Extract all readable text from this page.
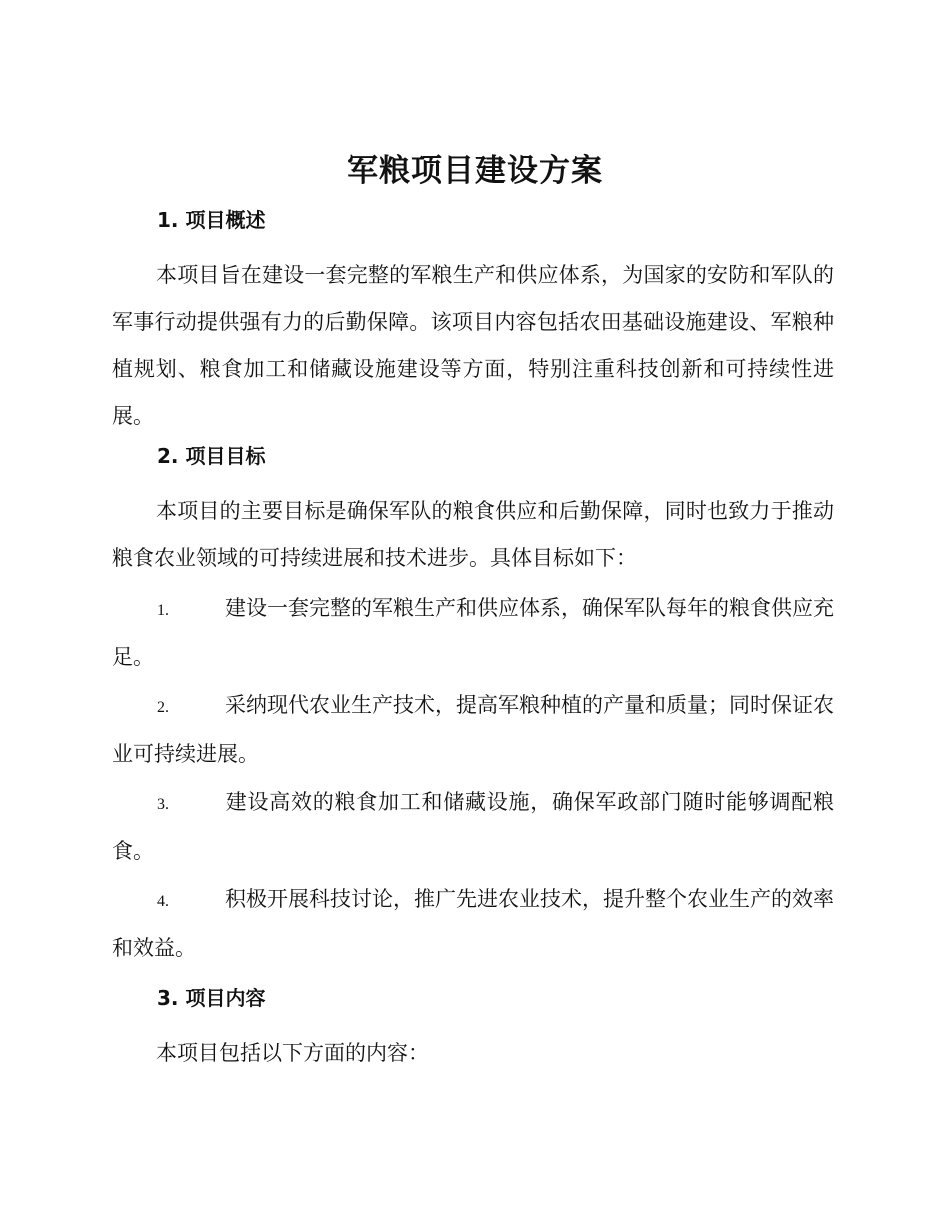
军粮项目建设方案
1. 项目概述

本项目旨在建设一套完整的军粮生产和供应体系，为国家的安防和军队的军事行动提供强有力的后勤保障。该项目内容包括农田基础设施建设、军粮种植规划、粮食加工和储藏设施建设等方面，特别注重科技创新和可持续性进展。

2. 项目目标

本项目的主要目标是确保军队的粮食供应和后勤保障，同时也致力于推动粮食农业领域的可持续进展和技术进步。具体目标如下：

1.	建设一套完整的军粮生产和供应体系，确保军队每年的粮食供应充足。

2.	采纳现代农业生产技术，提高军粮种植的产量和质量；同时保证农业可持续进展。

3.	建设高效的粮食加工和储藏设施，确保军政部门随时能够调配粮食。

4.	积极开展科技讨论，推广先进农业技术，提升整个农业生产的效率和效益。

3. 项目内容

本项目包括以下方面的内容：
